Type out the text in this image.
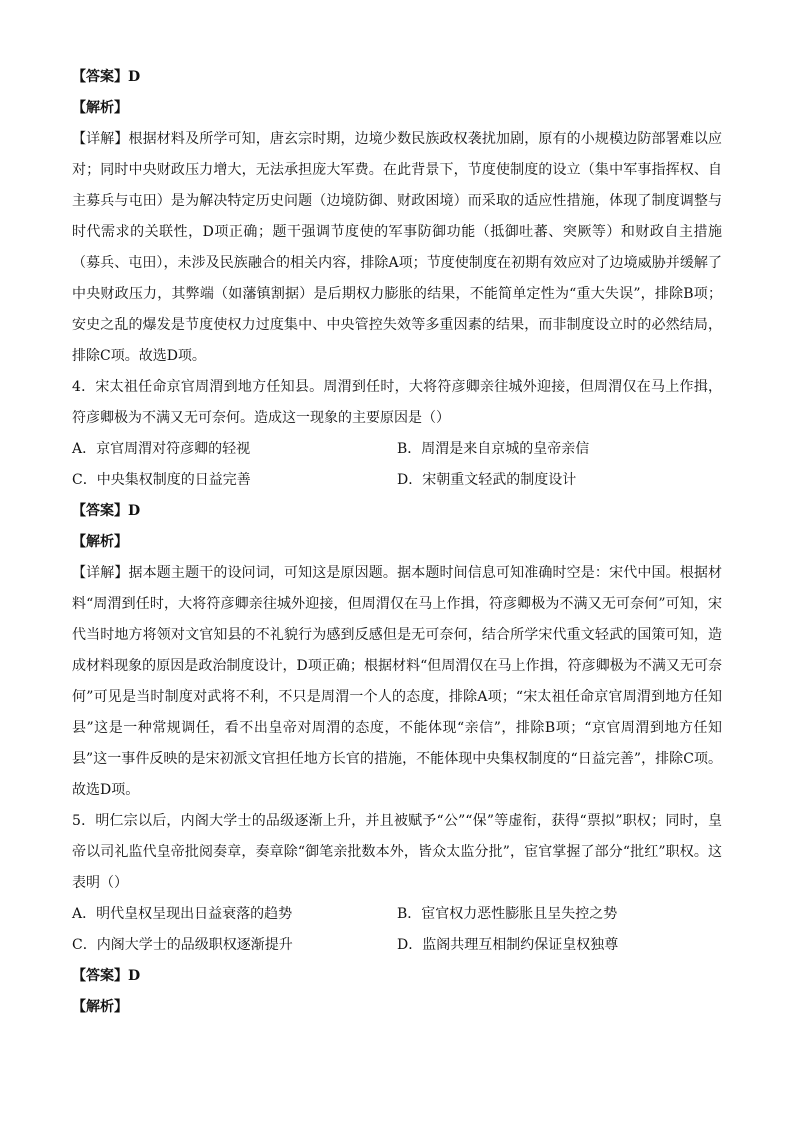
【答案】D
【解析】
【详解】根据材料及所学可知，唐玄宗时期，边境少数民族政权袭扰加剧，原有的小规模边防部署难以应对；同时中央财政压力增大，无法承担庞大军费。在此背景下，节度使制度的设立（集中军事指挥权、自主募兵与屯田）是为解决特定历史问题（边境防御、财政困境）而采取的适应性措施，体现了制度调整与时代需求的关联性，D项正确；题干强调节度使的军事防御功能（抵御吐蕃、突厥等）和财政自主措施（募兵、屯田），未涉及民族融合的相关内容，排除A项；节度使制度在初期有效应对了边境威胁并缓解了中央财政压力，其弊端（如藩镇割据）是后期权力膨胀的结果，不能简单定性为“重大失误”，排除B项；安史之乱的爆发是节度使权力过度集中、中央管控失效等多重因素的结果，而非制度设立时的必然结局，排除C项。故选D项。
4．宋太祖任命京官周渭到地方任知县。周渭到任时，大将符彦卿亲往城外迎接，但周渭仅在马上作揖，符彦卿极为不满又无可奈何。造成这一现象的主要原因是（）
A．京官周渭对符彦卿的轻视	B．周渭是来自京城的皇帝亲信
C．中央集权制度的日益完善	D．宋朝重文轻武的制度设计
【答案】D
【解析】
【详解】据本题主题干的设问词，可知这是原因题。据本题时间信息可知准确时空是：宋代中国。根据材料“周渭到任时，大将符彦卿亲往城外迎接，但周渭仅在马上作揖，符彦卿极为不满又无可奈何”可知，宋代当时地方将领对文官知县的不礼貌行为感到反感但是无可奈何，结合所学宋代重文轻武的国策可知，造成材料现象的原因是政治制度设计，D项正确；根据材料“但周渭仅在马上作揖，符彦卿极为不满又无可奈何”可见是当时制度对武将不利，不只是周渭一个人的态度，排除A项；“宋太祖任命京官周渭到地方任知县”这是一种常规调任，看不出皇帝对周渭的态度，不能体现“亲信”，排除B项；“京官周渭到地方任知县”这一事件反映的是宋初派文官担任地方长官的措施，不能体现中央集权制度的“日益完善”，排除C项。故选D项。
5．明仁宗以后，内阁大学士的品级逐渐上升，并且被赋予“公”“保”等虚衔，获得“票拟”职权；同时，皇帝以司礼监代皇帝批阅奏章，奏章除“御笔亲批数本外，皆众太监分批”，宦官掌握了部分“批红”职权。这表明（）
A．明代皇权呈现出日益衰落的趋势	B．宦官权力恶性膨胀且呈失控之势
C．内阁大学士的品级职权逐渐提升	D．监阁共理互相制约保证皇权独尊
【答案】D
【解析】
